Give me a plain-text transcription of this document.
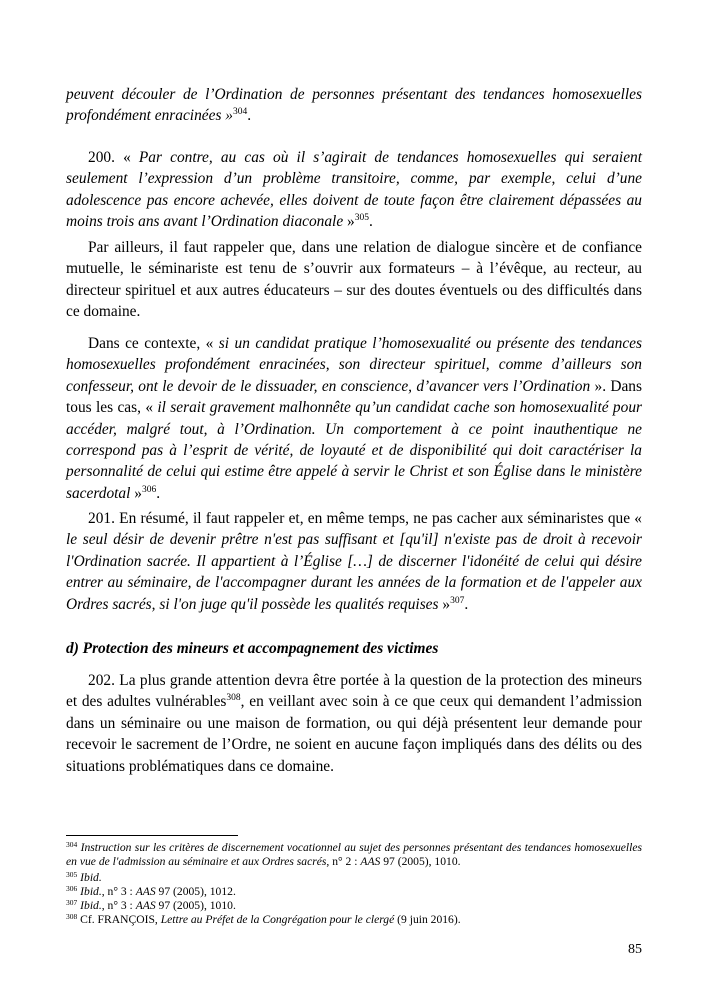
peuvent découler de l’Ordination de personnes présentant des tendances homosexuelles profondément enracinées »$^{304}$.

200. « Par contre, au cas où il s’agirait de tendances homosexuelles qui seraient seulement l’expression d’un problème transitoire, comme, par exemple, celui d’une adolescence pas encore achevée, elles doivent de toute façon être clairement dépassées au moins trois ans avant l’Ordination diaconale »$^{305}$.

Par ailleurs, il faut rappeler que, dans une relation de dialogue sincère et de confiance mutuelle, le séminariste est tenu de s’ouvrir aux formateurs – à l’évêque, au recteur, au directeur spirituel et aux autres éducateurs – sur des doutes éventuels ou des difficultés dans ce domaine.

Dans ce contexte, « si un candidat pratique l’homosexualité ou présente des tendances homosexuelles profondément enracinées, son directeur spirituel, comme d’ailleurs son confesseur, ont le devoir de le dissuader, en conscience, d’avancer vers l’Ordination ». Dans tous les cas, « il serait gravement malhonnête qu’un candidat cache son homosexualité pour accéder, malgré tout, à l’Ordination. Un comportement à ce point inauthentique ne correspond pas à l’esprit de vérité, de loyauté et de disponibilité qui doit caractériser la personnalité de celui qui estime être appelé à servir le Christ et son Église dans le ministère sacerdotal »$^{306}$.

201. En résumé, il faut rappeler et, en même temps, ne pas cacher aux séminaristes que « le seul désir de devenir prêtre n'est pas suffisant et [qu'il] n'existe pas de droit à recevoir l'Ordination sacrée. Il appartient à l’Église […] de discerner l'idonéité de celui qui désire entrer au séminaire, de l'accompagner durant les années de la formation et de l'appeler aux Ordres sacrés, si l'on juge qu'il possède les qualités requises »$^{307}$.

d) Protection des mineurs et accompagnement des victimes

202. La plus grande attention devra être portée à la question de la protection des mineurs et des adultes vulnérables$^{308}$, en veillant avec soin à ce que ceux qui demandent l’admission dans un séminaire ou une maison de formation, ou qui déjà présentent leur demande pour recevoir le sacrement de l’Ordre, ne soient en aucune façon impliqués dans des délits ou des situations problématiques dans ce domaine.

$^{304}$ Instruction sur les critères de discernement vocationnel au sujet des personnes présentant des tendances homosexuelles en vue de l'admission au séminaire et aux Ordres sacrés, n° 2 : AAS 97 (2005), 1010.

$^{305}$ Ibid.

$^{306}$ Ibid., n° 3 : AAS 97 (2005), 1012.

$^{307}$ Ibid., n° 3 : AAS 97 (2005), 1010.

$^{308}$ Cf. FRANÇOIS, Lettre au Préfet de la Congrégation pour le clergé (9 juin 2016).

85
